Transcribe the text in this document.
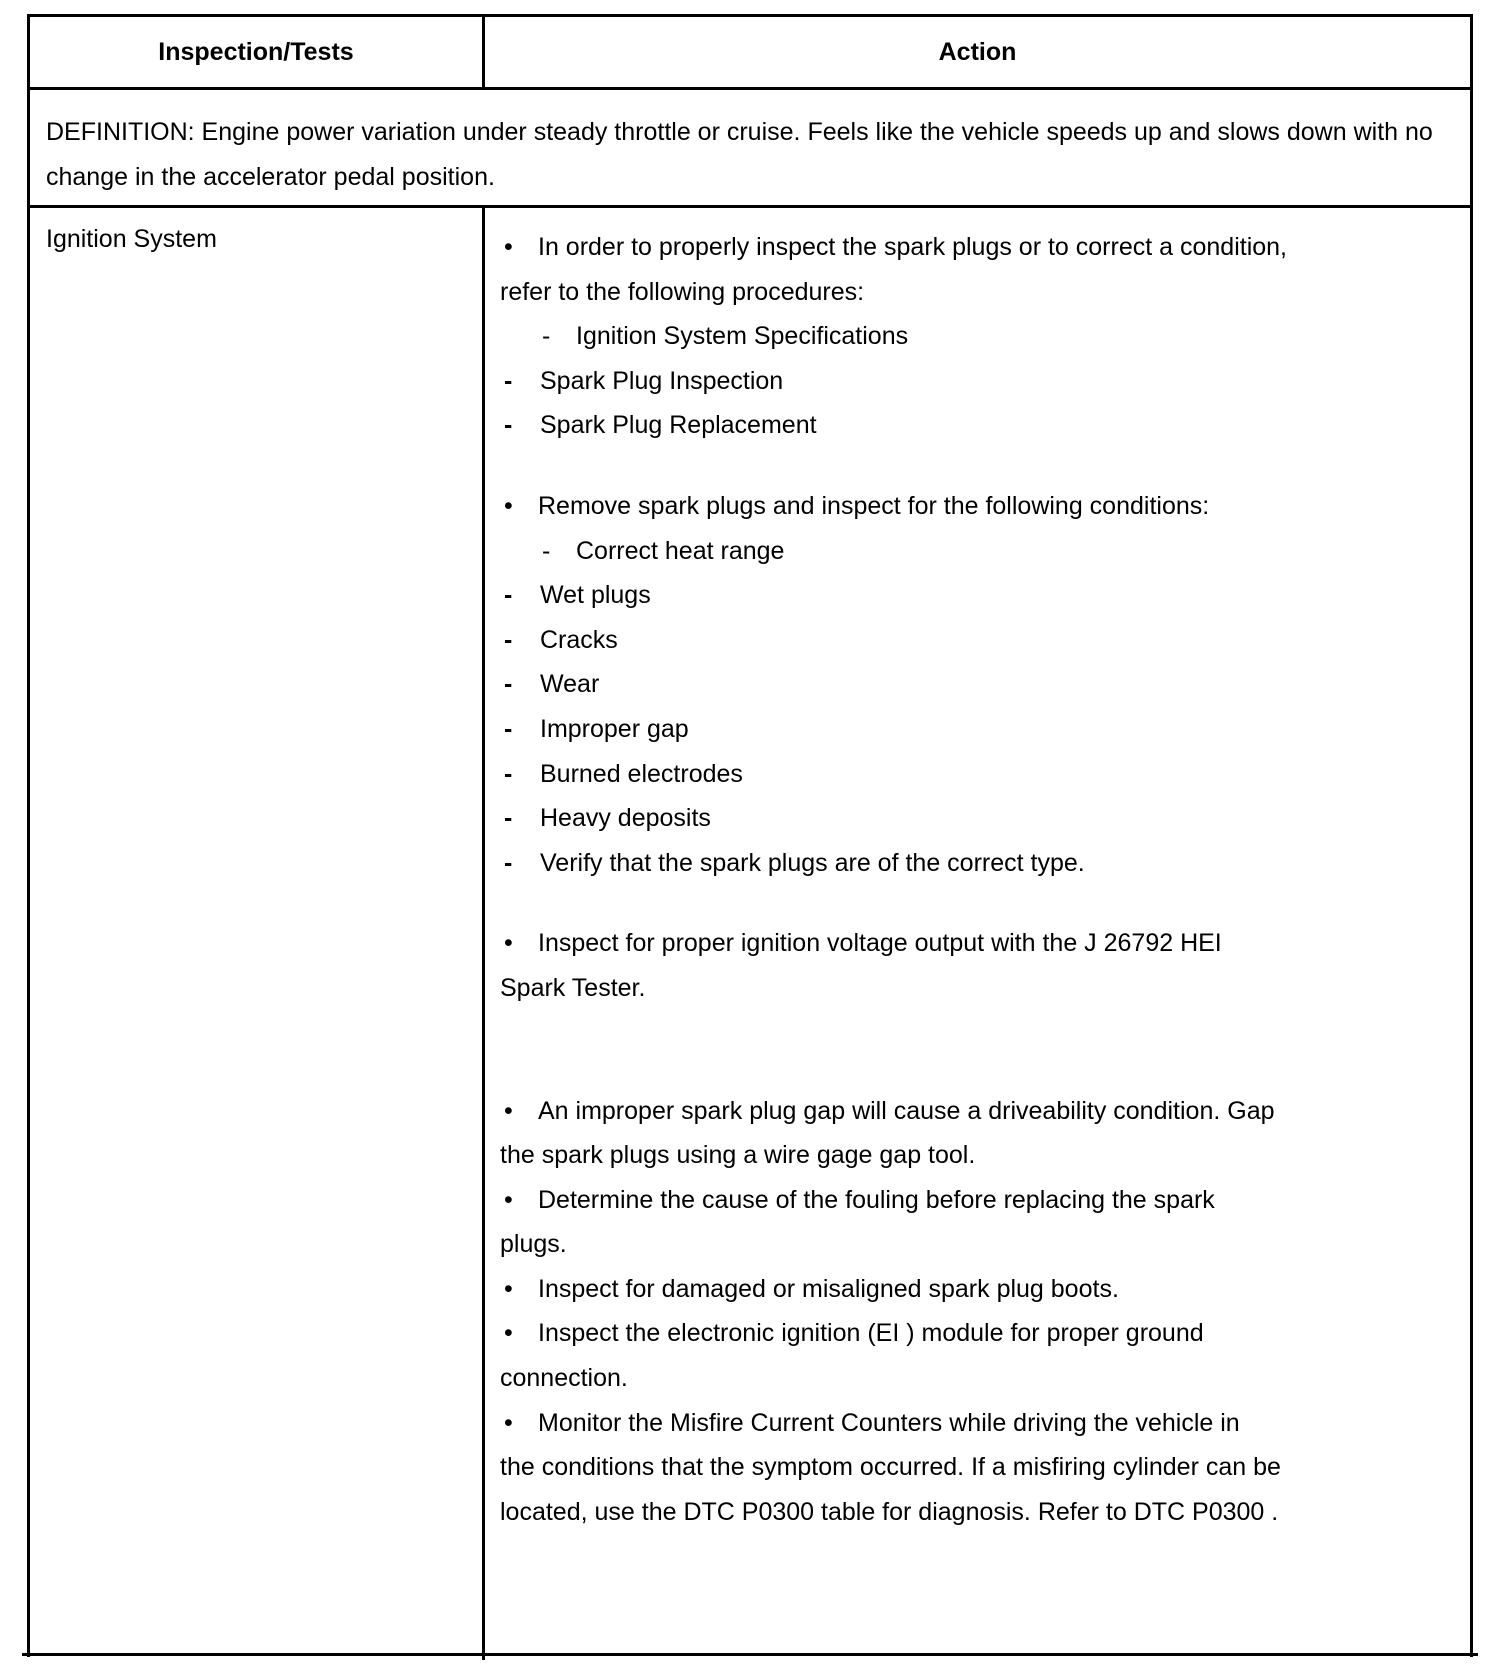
Inspection/Tests	Action
DEFINITION: Engine power variation under steady throttle or cruise. Feels like the vehicle speeds up and slows down with no change in the accelerator pedal position.
Ignition System	• In order to properly inspect the spark plugs or to correct a condition,
refer to the following procedures:
- Ignition System Specifications
- Spark Plug Inspection
- Spark Plug Replacement
• Remove spark plugs and inspect for the following conditions:
- Correct heat range
- Wet plugs
- Cracks
- Wear
- Improper gap
- Burned electrodes
- Heavy deposits
- Verify that the spark plugs are of the correct type.
• Inspect for proper ignition voltage output with the J 26792 HEI
Spark Tester.
• An improper spark plug gap will cause a driveability condition. Gap
the spark plugs using a wire gage gap tool.
• Determine the cause of the fouling before replacing the spark
plugs.
• Inspect for damaged or misaligned spark plug boots.
• Inspect the electronic ignition (EI ) module for proper ground
connection.
• Monitor the Misfire Current Counters while driving the vehicle in
the conditions that the symptom occurred. If a misfiring cylinder can be
located, use the DTC P0300 table for diagnosis. Refer to DTC P0300 .
